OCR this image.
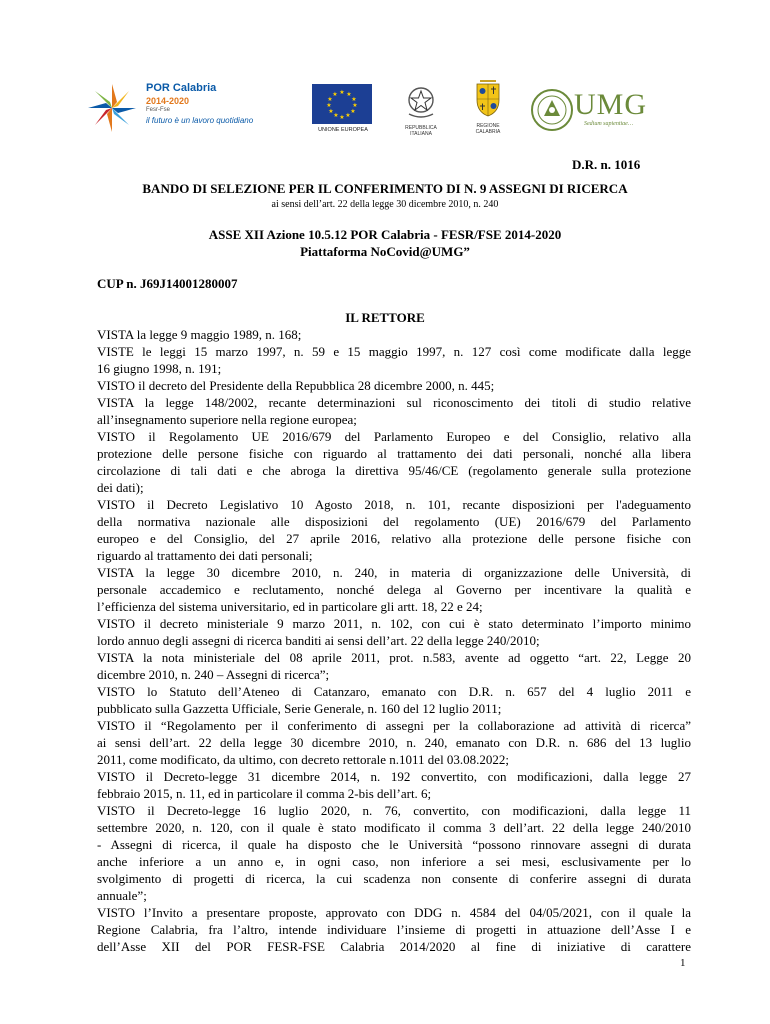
POR Calabria
2014-2020
Fesr-Fse
il futuro è un lavoro quotidiano
★ ★
★
★
★
★
★
★
★
★
★
★
UNIONE EUROPEA	REPUBBLICA
ITALIANA
REGIONE
CALABRIA
UMG
Sedium sapientiae…
D.R. n. 1016
BANDO DI SELEZIONE PER IL CONFERIMENTO DI N. 9 ASSEGNI DI RICERCA
ai sensi dell’art. 22 della legge 30 dicembre 2010, n. 240
ASSE XII Azione 10.5.12 POR Calabria - FESR/FSE 2014-2020
Piattaforma NoCovid@UMG”
CUP n. J69J14001280007
IL RETTORE
VISTA la legge 9 maggio 1989, n. 168;
VISTE le leggi 15 marzo 1997, n. 59 e 15 maggio 1997, n. 127 così come modificate dalla legge
16 giugno 1998, n. 191;
VISTO il decreto del Presidente della Repubblica 28 dicembre 2000, n. 445;
VISTA la legge 148/2002, recante determinazioni sul riconoscimento dei titoli di studio relative
all’insegnamento superiore nella regione europea;
VISTO il Regolamento UE 2016/679 del Parlamento Europeo e del Consiglio, relativo alla
protezione delle persone fisiche con riguardo al trattamento dei dati personali, nonché alla libera
circolazione di tali dati e che abroga la direttiva 95/46/CE (regolamento generale sulla protezione
dei dati);
VISTO il Decreto Legislativo 10 Agosto 2018, n. 101, recante disposizioni per l'adeguamento
della normativa nazionale alle disposizioni del regolamento (UE) 2016/679 del Parlamento
europeo e del Consiglio, del 27 aprile 2016, relativo alla protezione delle persone fisiche con
riguardo al trattamento dei dati personali;
VISTA la legge 30 dicembre 2010, n. 240, in materia di organizzazione delle Università, di
personale accademico e reclutamento, nonché delega al Governo per incentivare la qualità e
l’efficienza del sistema universitario, ed in particolare gli artt. 18, 22 e 24;
VISTO il decreto ministeriale 9 marzo 2011, n. 102, con cui è stato determinato l’importo minimo
lordo annuo degli assegni di ricerca banditi ai sensi dell’art. 22 della legge 240/2010;
VISTA la nota ministeriale del 08 aprile 2011, prot. n.583, avente ad oggetto “art. 22, Legge 20
dicembre 2010, n. 240 – Assegni di ricerca”;
VISTO lo Statuto dell’Ateneo di Catanzaro, emanato con D.R. n. 657 del 4 luglio 2011 e
pubblicato sulla Gazzetta Ufficiale, Serie Generale, n. 160 del 12 luglio 2011;
VISTO il “Regolamento per il conferimento di assegni per la collaborazione ad attività di ricerca”
ai sensi dell’art. 22 della legge 30 dicembre 2010, n. 240, emanato con D.R. n. 686 del 13 luglio
2011, come modificato, da ultimo, con decreto rettorale n.1011 del 03.08.2022;
VISTO il Decreto-legge 31 dicembre 2014, n. 192 convertito, con modificazioni, dalla legge 27
febbraio 2015, n. 11, ed in particolare il comma 2-bis dell’art. 6;
VISTO il Decreto-legge 16 luglio 2020, n. 76, convertito, con modificazioni, dalla legge 11
settembre 2020, n. 120, con il quale è stato modificato il comma 3 dell’art. 22 della legge 240/2010
- Assegni di ricerca, il quale ha disposto che le Università “possono rinnovare assegni di durata
anche inferiore a un anno e, in ogni caso, non inferiore a sei mesi, esclusivamente per lo
svolgimento di progetti di ricerca, la cui scadenza non consente di conferire assegni di durata
annuale”;
VISTO l’Invito a presentare proposte, approvato con DDG n. 4584 del 04/05/2021, con il quale la
Regione Calabria, fra l’altro, intende individuare l’insieme di progetti in attuazione dell’Asse I e
dell’Asse XII del POR FESR-FSE Calabria 2014/2020 al fine di iniziative di carattere
1
